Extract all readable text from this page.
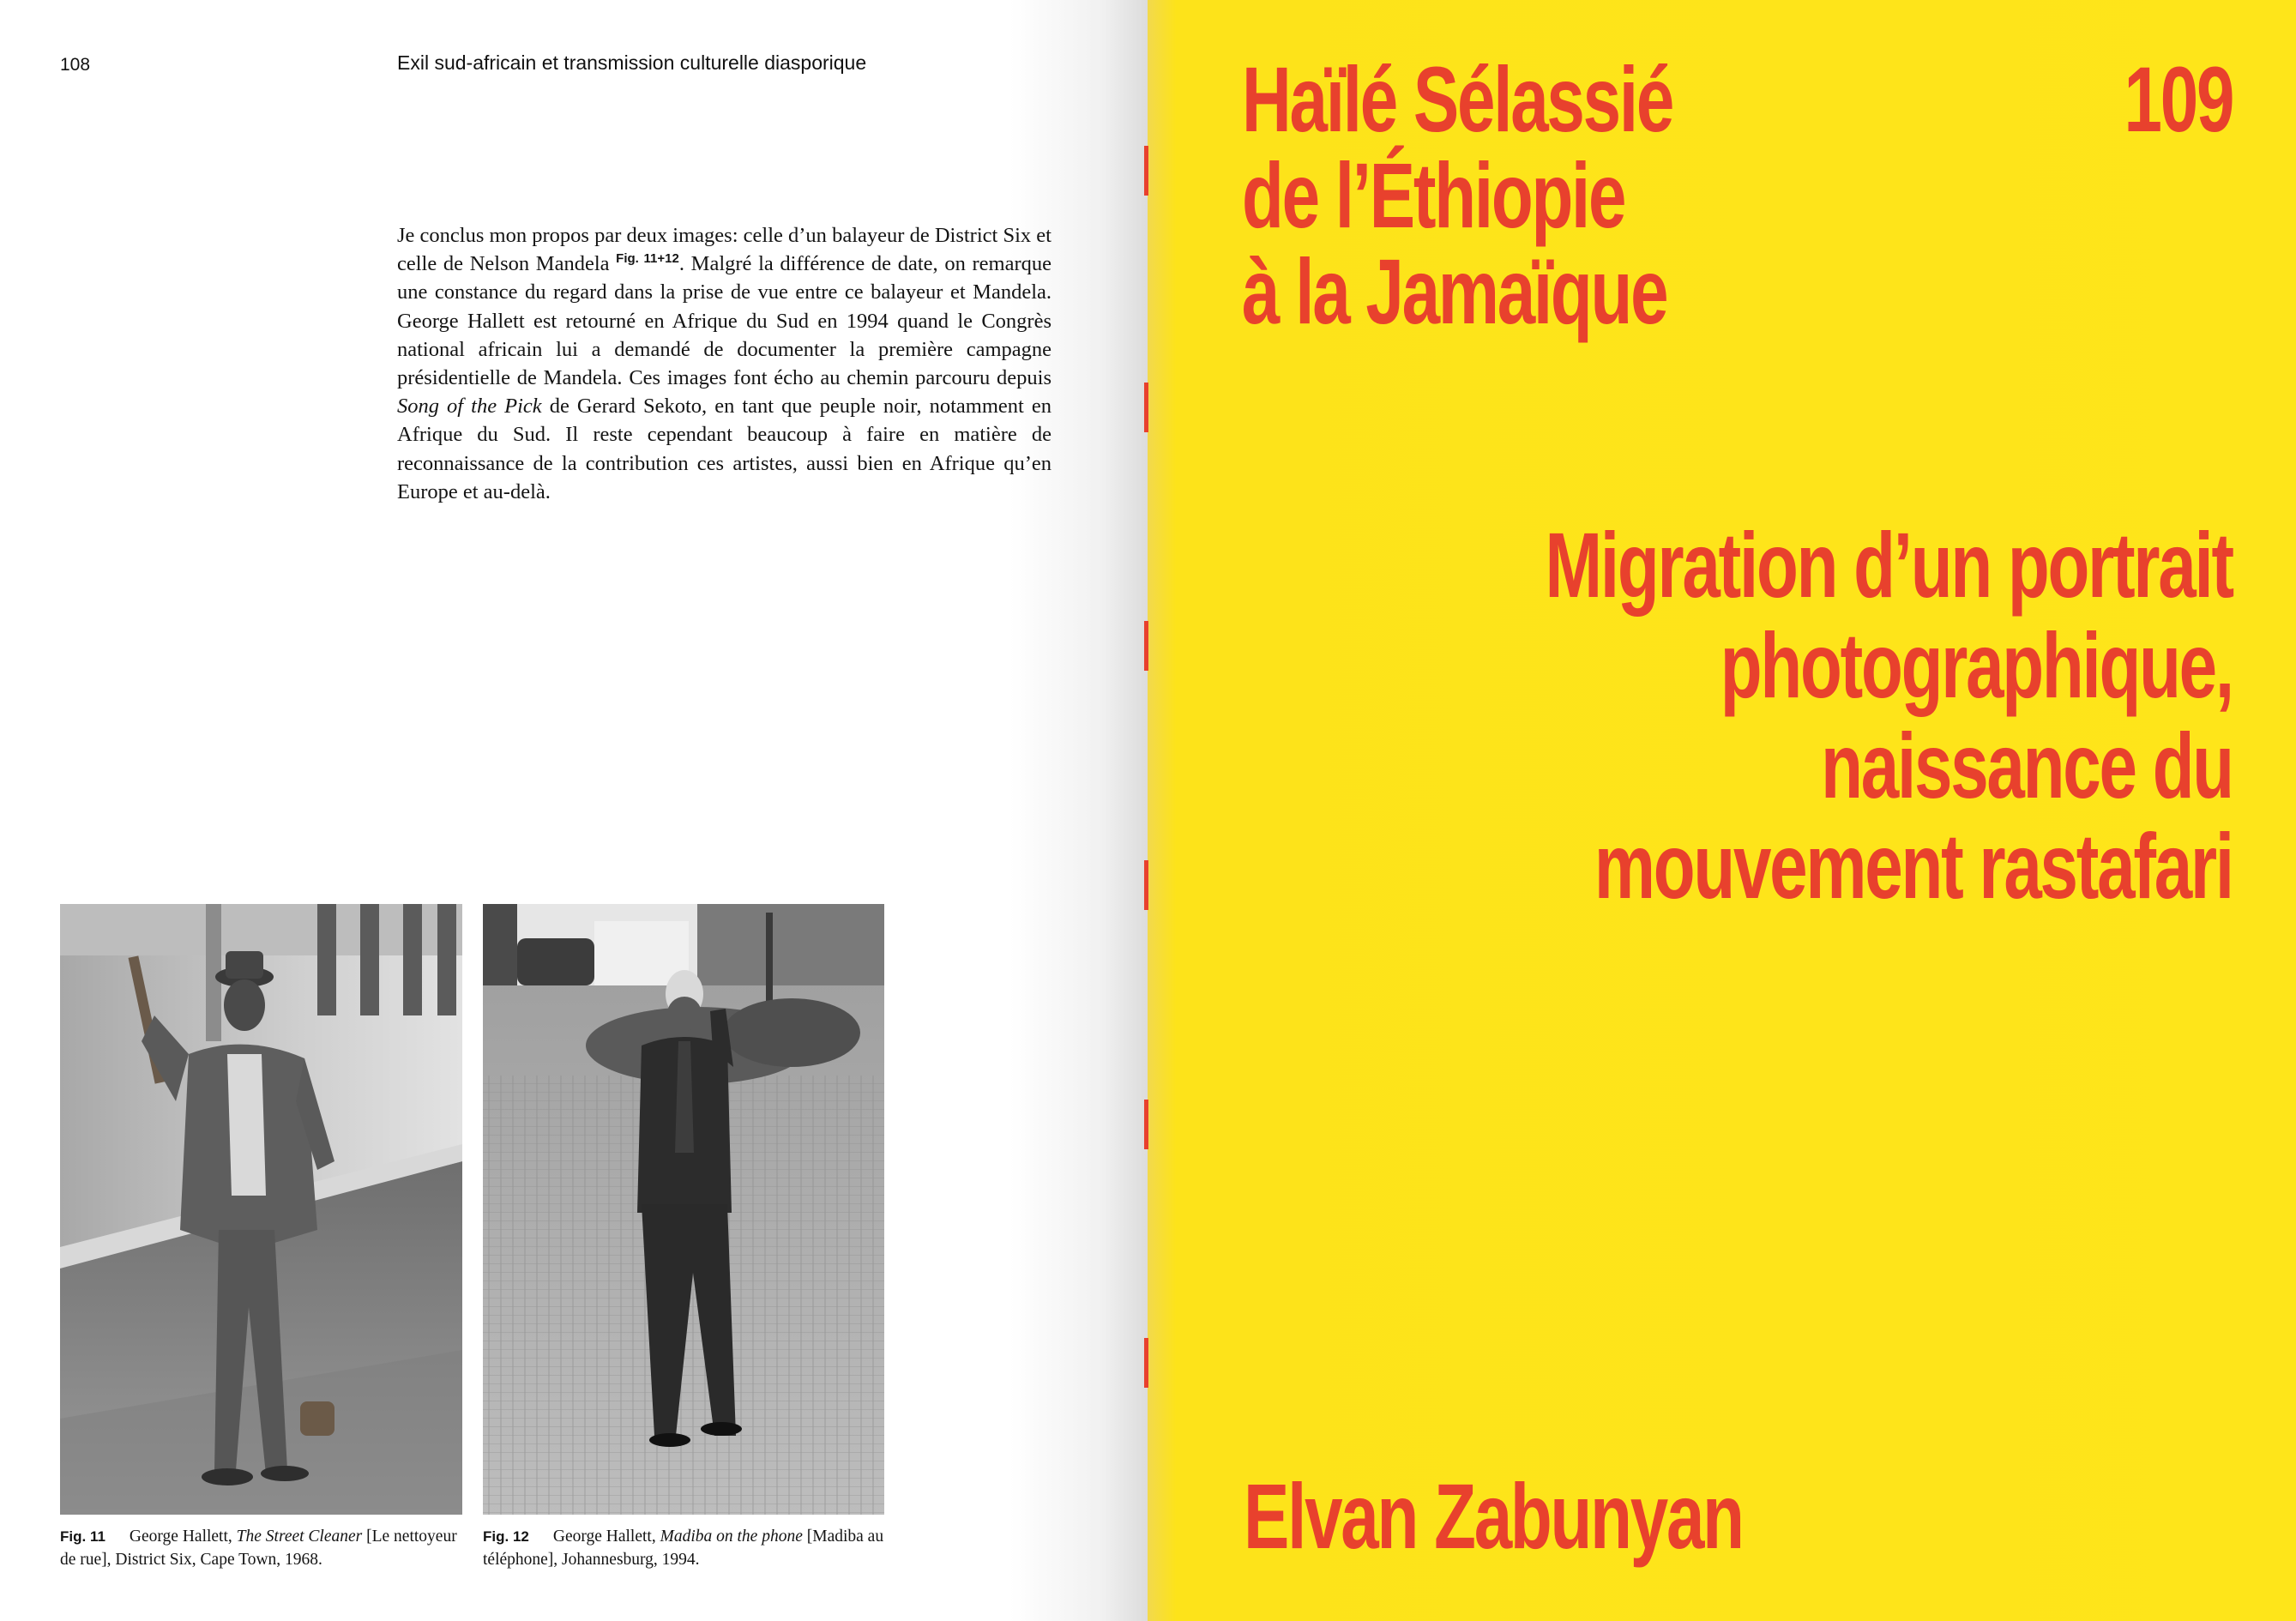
108	Exil sud-africain et transmission culturelle diasporique

Je conclus mon propos par deux images: celle d’un balayeur de District Six et celle de Nelson Mandela $^{Fig. 11+12}$. Malgré la différence de date, on remarque une constance du regard dans la prise de vue entre ce balayeur et Mandela. George Hallett est retourné en Afrique du Sud en 1994 quand le Congrès national africain lui a demandé de documenter la première campagne présidentielle de Mandela. Ces images font écho au chemin parcouru depuis Song of the Pick de Gerard Sekoto, en tant que peuple noir, notamment en Afrique du Sud. Il reste cependant beaucoup à faire en matière de reconnaissance de la contribution ces artistes, aussi bien en Afrique qu’en Europe et au-delà.

Fig. 11 George Hallett, The Street Cleaner [Le nettoyeur de rue], District Six, Cape Town, 1968.
Fig. 12 George Hallett, Madiba on the phone [Madiba au téléphone], Johannesburg, 1994.
Haïlé Sélassié
de l’Éthiopie
à la Jamaïque
109
Migration d’un portrait
photographique,
naissance du
mouvement rastafari
Elvan Zabunyan
